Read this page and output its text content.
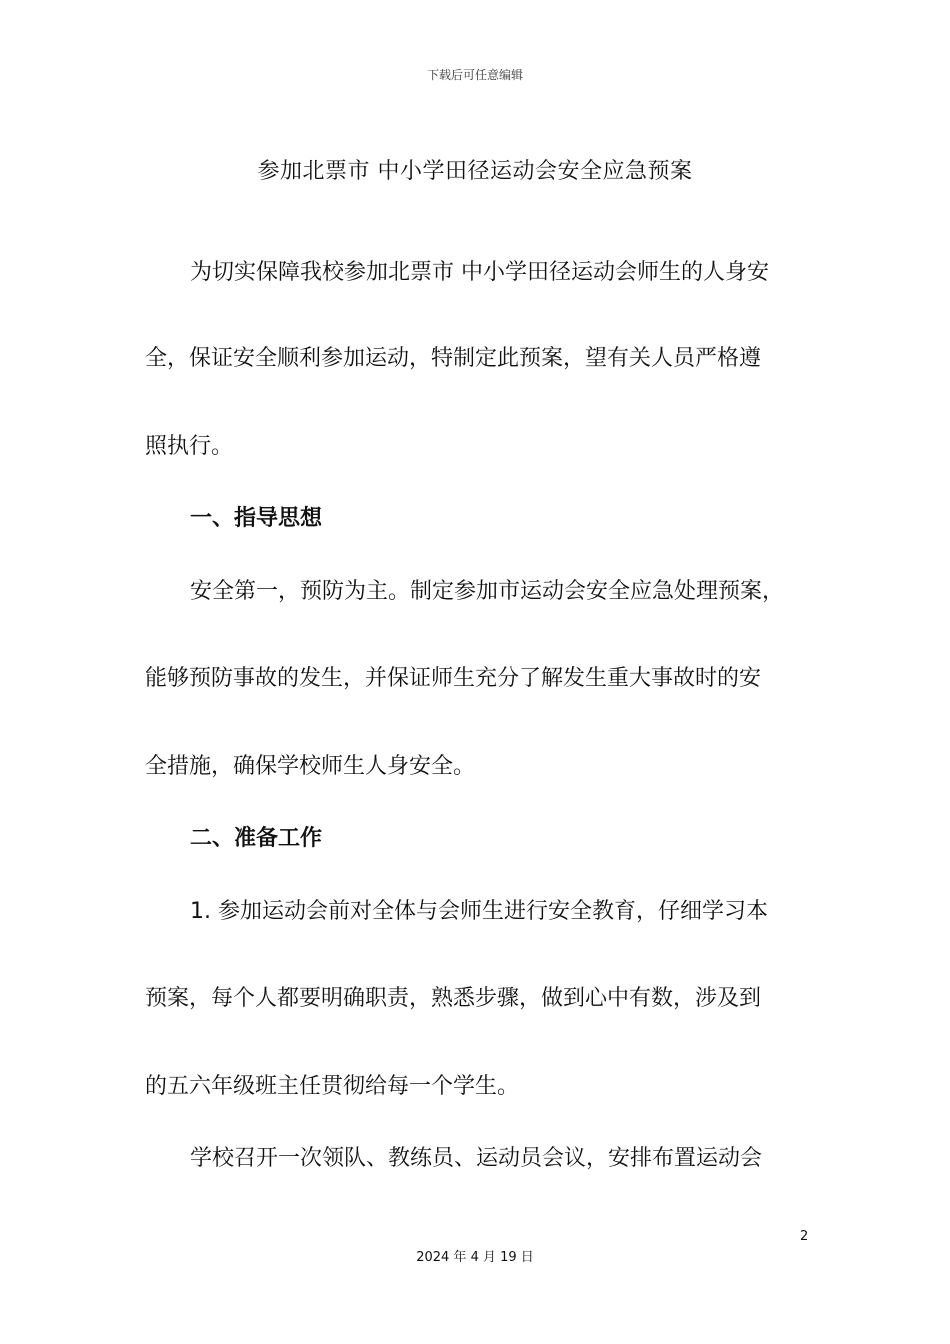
下载后可任意编辑
参加北票市 中小学田径运动会安全应急预案
为切实保障我校参加北票市 中小学田径运动会师生的人身安
全，保证安全顺利参加运动，特制定此预案，望有关人员严格遵
照执行。
一、指导思想
安全第一，预防为主。制定参加市运动会安全应急处理预案，
能够预防事故的发生，并保证师生充分了解发生重大事故时的安
全措施，确保学校师生人身安全。
二、准备工作
1. 参加运动会前对全体与会师生进行安全教育，仔细学习本
预案，每个人都要明确职责，熟悉步骤，做到心中有数，涉及到
的五六年级班主任贯彻给每一个学生。
学校召开一次领队、教练员、运动员会议，安排布置运动会
2
2024 年 4 月 19 日
